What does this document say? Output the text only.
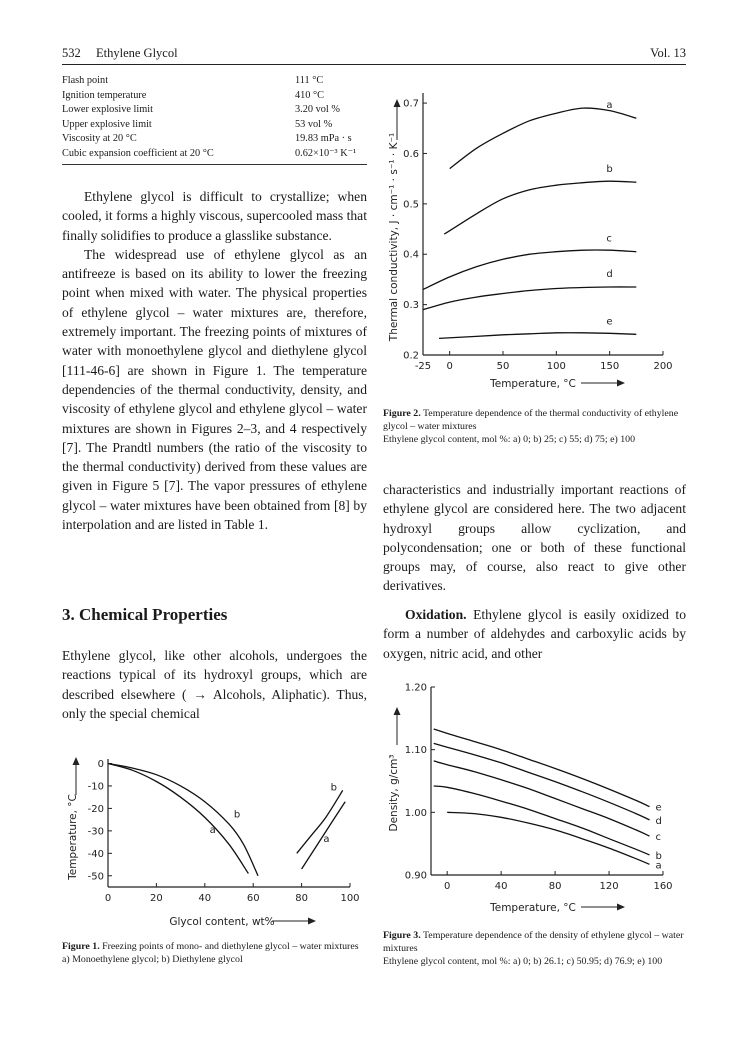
532 Ethylene Glycol	Vol. 13
Flash point	111 °C
Ignition temperature	410 °C
Lower explosive limit	3.20 vol %
Upper explosive limit	53 vol %
Viscosity at 20 °C	19.83 mPa · s
Cubic expansion coefficient at 20 °C	0.62×10⁻³ K⁻¹

Ethylene glycol is difficult to crystallize; when cooled, it forms a highly viscous, supercooled mass that finally solidifies to produce a glasslike substance.

The widespread use of ethylene glycol as an antifreeze is based on its ability to lower the freezing point when mixed with water. The physical properties of ethylene glycol – water mixtures are, therefore, extremely important. The freezing points of mixtures of water with monoethylene glycol and diethylene glycol [111-46-6] are shown in Figure 1. The temperature dependencies of the thermal conductivity, density, and viscosity of ethylene glycol and ethylene glycol – water mixtures are shown in Figures 2–3, and 4 respectively [7]. The Prandtl numbers (the ratio of the viscosity to the thermal conductivity) derived from these values are given in Figure 5 [7]. The vapor pressures of ethylene glycol – water mixtures have been obtained from [8] by interpolation and are listed in Table 1.

3. Chemical Properties

Ethylene glycol, like other alcohols, undergoes the reactions typical of its hydroxyl groups, which are described elsewhere ( → Alcohols, Aliphatic). Thus, only the special chemical

0	20	40	60	80	100
0
-10
-20
-30
-40
-50
Glycol content, wt%
Temperature, °C	a
b
b
a
Figure 1. Freezing points of mono- and diethylene glycol – water mixtures
a) Monoethylene glycol; b) Diethylene glycol
-25 0	50	100	150	200
0.2
0.3
0.4
0.5
0.6
0.7
Temperature, °C
Thermal conductivity, J · cm⁻¹ · s⁻¹ · K⁻¹
a
b
c
d
e
Figure 2. Temperature dependence of the thermal conductivity of ethylene glycol – water mixtures
Ethylene glycol content, mol %: a) 0; b) 25; c) 55; d) 75; e) 100

characteristics and industrially important reactions of ethylene glycol are considered here. The two adjacent hydroxyl groups allow cyclization, and polycondensation; one or both of these functional groups may, of course, also react to give other derivatives.

Oxidation. Ethylene glycol is easily oxidized to form a number of aldehydes and carboxylic acids by oxygen, nitric acid, and other

0	40	80	120	160
0.90
1.00
1.10
1.20
Temperature, °C
Density, g/cm³
a
b
c
d
e
Figure 3. Temperature dependence of the density of ethylene glycol – water mixtures
Ethylene glycol content, mol %: a) 0; b) 26.1; c) 50.95; d) 76.9; e) 100
